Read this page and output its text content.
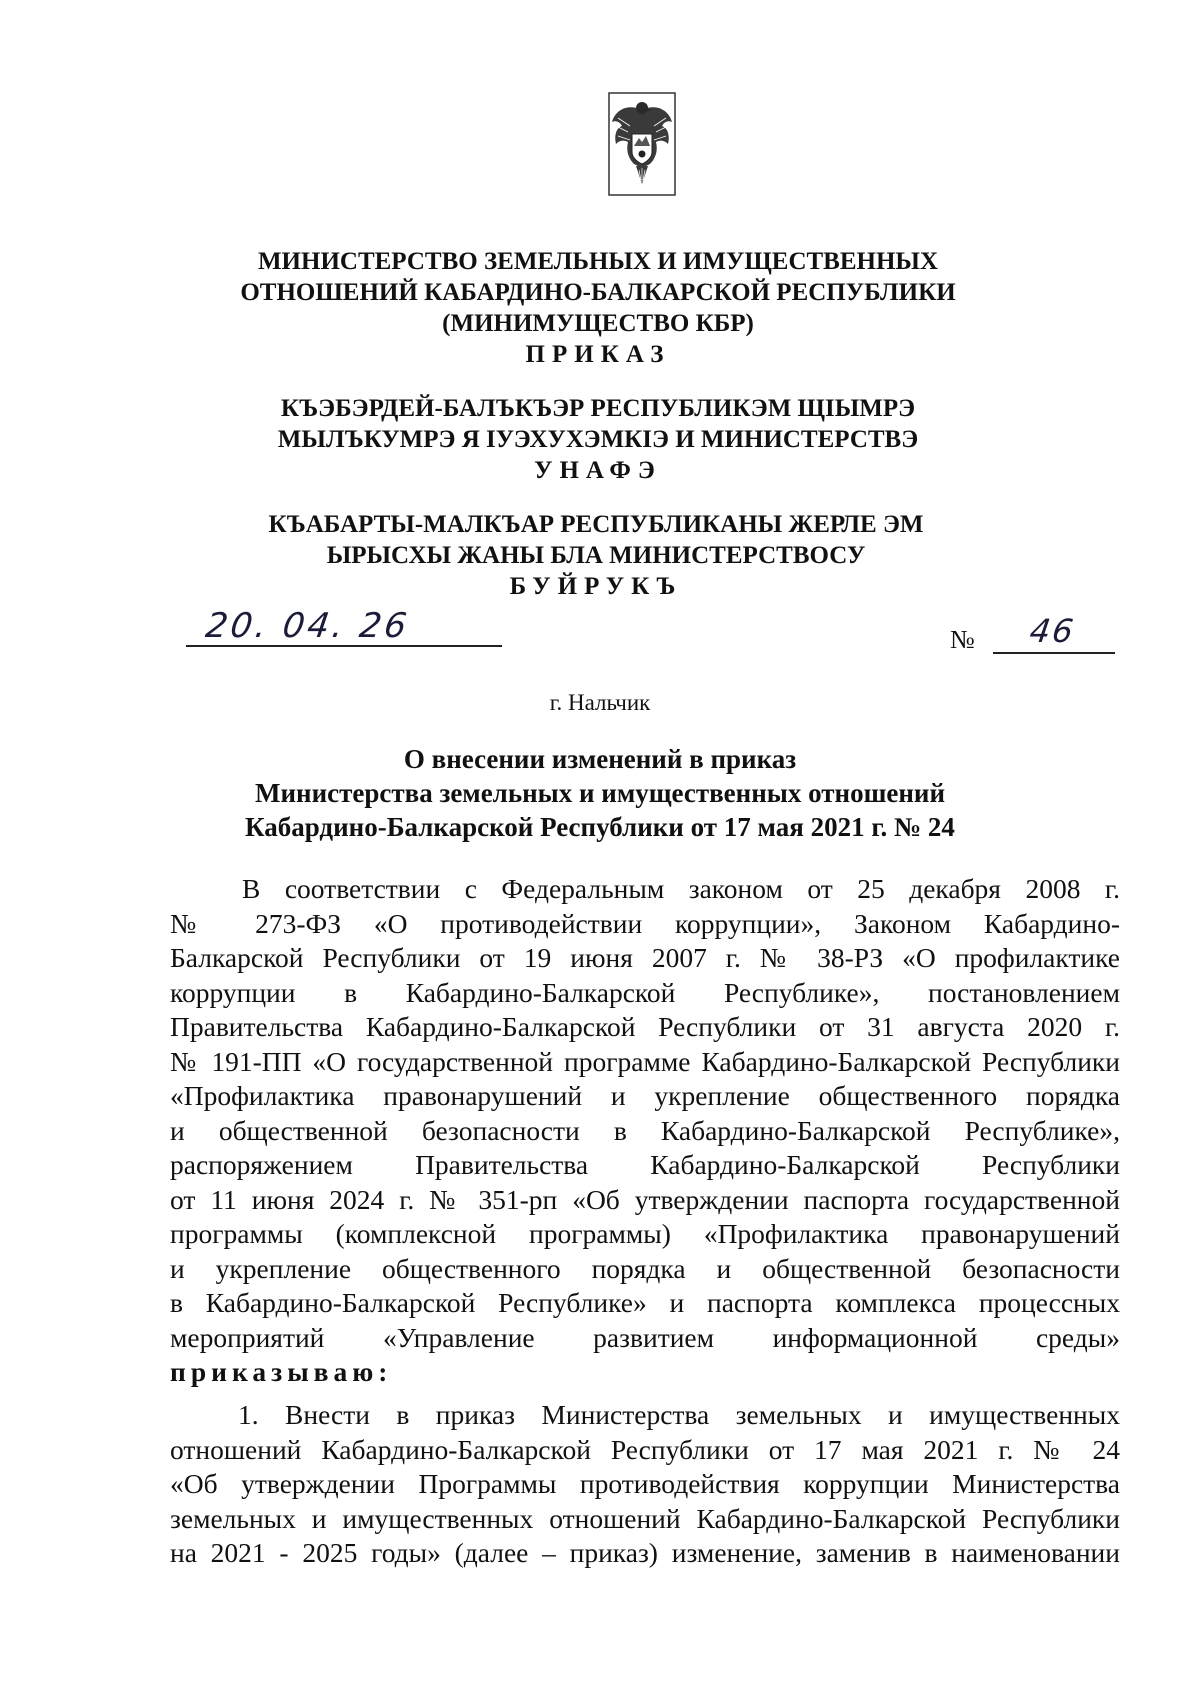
МИНИСТЕРСТВО ЗЕМЕЛЬНЫХ И ИМУЩЕСТВЕННЫХ
ОТНОШЕНИЙ КАБАРДИНО-БАЛКАРСКОЙ РЕСПУБЛИКИ
(МИНИМУЩЕСТВО КБР)
ПРИКАЗ
КЪЭБЭРДЕЙ-БАЛЪКЪЭР РЕСПУБЛИКЭМ ЩIЫМРЭ
МЫЛЪКУМРЭ Я IУЭХУХЭМКIЭ И МИНИСТЕРСТВЭ
УНАФЭ
КЪАБАРТЫ-МАЛКЪАР РЕСПУБЛИКАНЫ ЖЕРЛЕ ЭМ
ЫРЫСХЫ ЖАНЫ БЛА МИНИСТЕРСТВОСУ
БУЙРУКЪ
20. 04. 26	№ 46
г. Нальчик
О внесении изменений в приказ
Министерства земельных и имущественных отношений
Кабардино-Балкарской Республики от 17 мая 2021 г. № 24
В соответствии с Федеральным законом от 25 декабря 2008 г.
№ 273-ФЗ «О противодействии коррупции», Законом Кабардино-
Балкарской Республики от 19 июня 2007 г. № 38-РЗ «О профилактике
коррупции в Кабардино-Балкарской Республике», постановлением
Правительства Кабардино-Балкарской Республики от 31 августа 2020 г.
№ 191-ПП «О государственной программе Кабардино-Балкарской Республики
«Профилактика правонарушений и укрепление общественного порядка
и общественной безопасности в Кабардино-Балкарской Республике»,
распоряжением Правительства Кабардино-Балкарской Республики
от 11 июня 2024 г. № 351-рп «Об утверждении паспорта государственной
программы (комплексной программы) «Профилактика правонарушений
и укрепление общественного порядка и общественной безопасности
в Кабардино-Балкарской Республике» и паспорта комплекса процессных
мероприятий «Управление развитием информационной среды»
приказываю:
1. Внести в приказ Министерства земельных и имущественных
отношений Кабардино-Балкарской Республики от 17 мая 2021 г. № 24
«Об утверждении Программы противодействия коррупции Министерства
земельных и имущественных отношений Кабардино-Балкарской Республики
на 2021 - 2025 годы» (далее – приказ) изменение, заменив в наименовании
